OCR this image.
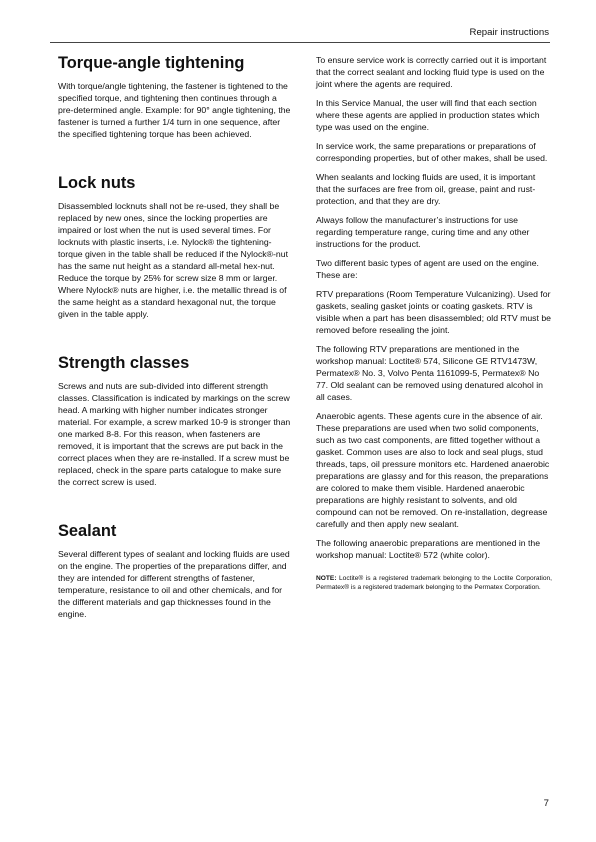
Repair instructions
Torque-angle tightening

With torque/angle tightening, the fastener is tightened to the specified torque, and tightening then continues through a pre-determined angle. Example: for 90° angle tightening, the fastener is turned a further 1/4 turn in one sequence, after the specified tightening torque has been achieved.

Lock nuts

Disassembled locknuts shall not be re-used, they shall be replaced by new ones, since the locking properties are impaired or lost when the nut is used several times. For locknuts with plastic inserts, i.e. Nylock® the tightening-torque given in the table shall be reduced if the Nylock®-nut has the same nut height as a standard all-metal hex-nut. Reduce the torque by 25% for screw size 8 mm or larger. Where Nylock® nuts are higher, i.e. the metallic thread is of the same height as a standard hexagonal nut, the torque given in the table apply.

Strength classes

Screws and nuts are sub-divided into different strength classes. Classification is indicated by markings on the screw head. A marking with higher number indicates stronger material. For example, a screw marked 10-9 is stronger than one marked 8-8. For this reason, when fasteners are removed, it is important that the screws are put back in the correct places when they are re-installed. If a screw must be replaced, check in the spare parts catalogue to make sure the correct screw is used.

Sealant

Several different types of sealant and locking fluids are used on the engine. The properties of the preparations differ, and they are intended for different strengths of fastener, temperature, resistance to oil and other chemicals, and for the different materials and gap thicknesses found in the engine.

To ensure service work is correctly carried out it is important that the correct sealant and locking fluid type is used on the joint where the agents are required.

In this Service Manual, the user will find that each section where these agents are applied in production states which type was used on the engine.

In service work, the same preparations or preparations of corresponding properties, but of other makes, shall be used.

When sealants and locking fluids are used, it is important that the surfaces are free from oil, grease, paint and rust-protection, and that they are dry.

Always follow the manufacturer’s instructions for use regarding temperature range, curing time and any other instructions for the product.

Two different basic types of agent are used on the engine. These are:

RTV preparations (Room Temperature Vulcanizing). Used for gaskets, sealing gasket joints or coating gaskets. RTV is visible when a part has been disassembled; old RTV must be removed before resealing the joint.

The following RTV preparations are mentioned in the workshop manual: Loctite® 574, Silicone GE RTV1473W, Permatex® No. 3, Volvo Penta 1161099-5, Permatex® No 77. Old sealant can be removed using denatured alcohol in all cases.

Anaerobic agents. These agents cure in the absence of air. These preparations are used when two solid components, such as two cast components, are fitted together without a gasket. Common uses are also to lock and seal plugs, stud threads, taps, oil pressure monitors etc. Hardened anaerobic preparations are glassy and for this reason, the preparations are colored to make them visible. Hardened anaerobic preparations are highly resistant to solvents, and old compound can not be removed. On re-installation, degrease carefully and then apply new sealant.

The following anaerobic preparations are mentioned in the workshop manual: Loctite® 572 (white color).

NOTE: Loctite® is a registered trademark belonging to the Loctite Corporation, Permatex® is a registered trademark belonging to the Permatex Corporation.
7
